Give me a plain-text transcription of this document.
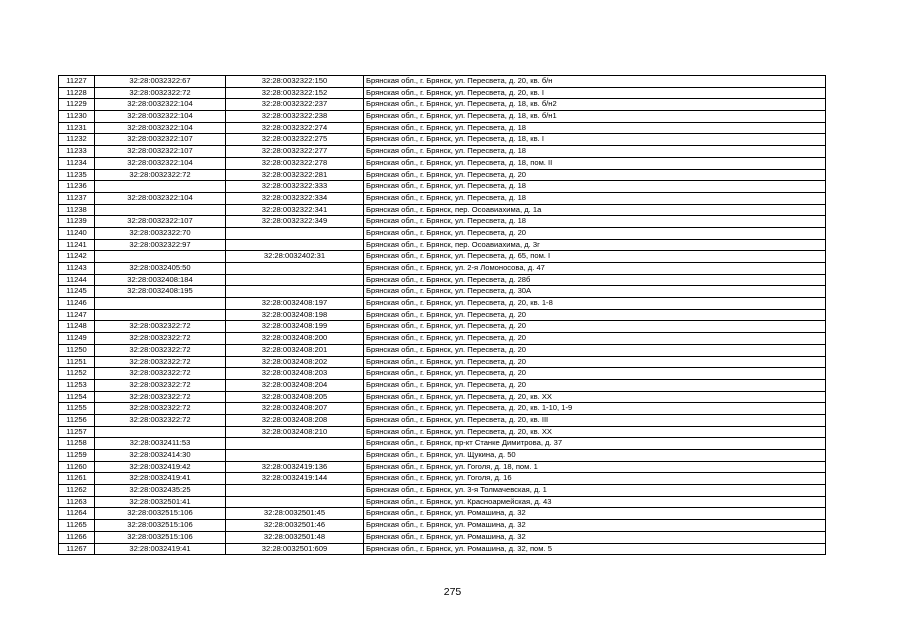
11227	32:28:0032322:67	32:28:0032322:150	Брянская обл., г. Брянск, ул. Пересвета, д. 20, кв. б/н
11228	32:28:0032322:72	32:28:0032322:152	Брянская обл., г. Брянск, ул. Пересвета, д. 20, кв. I
11229	32:28:0032322:104	32:28:0032322:237	Брянская обл., г. Брянск, ул. Пересвета, д. 18, кв. б/н2
11230	32:28:0032322:104	32:28:0032322:238	Брянская обл., г. Брянск, ул. Пересвета, д. 18, кв. б/н1
11231	32:28:0032322:104	32:28:0032322:274	Брянская обл., г. Брянск, ул. Пересвета, д. 18
11232	32:28:0032322:107	32:28:0032322:275	Брянская обл., г. Брянск, ул. Пересвета, д. 18, кв. I
11233	32:28:0032322:107	32:28:0032322:277	Брянская обл., г. Брянск, ул. Пересвета, д. 18
11234	32:28:0032322:104	32:28:0032322:278	Брянская обл., г. Брянск, ул. Пересвета, д. 18, пом. II
11235	32:28:0032322:72	32:28:0032322:281	Брянская обл., г. Брянск, ул. Пересвета, д. 20
11236		32:28:0032322:333	Брянская обл., г. Брянск, ул. Пересвета, д. 18
11237	32:28:0032322:104	32:28:0032322:334	Брянская обл., г. Брянск, ул. Пересвета, д. 18
11238		32:28:0032322:341	Брянская обл., г. Брянск, пер. Осоавиахима, д. 1а
11239	32:28:0032322:107	32:28:0032322:349	Брянская обл., г. Брянск, ул. Пересвета, д. 18
11240	32:28:0032322:70		Брянская обл., г. Брянск, ул. Пересвета, д. 20
11241	32:28:0032322:97		Брянская обл., г. Брянск, пер. Осоавиахима, д. 3г
11242		32:28:0032402:31	Брянская обл., г. Брянск, ул. Пересвета, д. 65, пом. I
11243	32:28:0032405:50		Брянская обл., г. Брянск, ул. 2-я Ломоносова, д. 47
11244	32:28:0032408:184		Брянская обл., г. Брянск, ул. Пересвета, д. 28б
11245	32:28:0032408:195		Брянская обл., г. Брянск, ул. Пересвета, д. 30А
11246		32:28:0032408:197	Брянская обл., г. Брянск, ул. Пересвета, д. 20, кв. 1-8
11247		32:28:0032408:198	Брянская обл., г. Брянск, ул. Пересвета, д. 20
11248	32:28:0032322:72	32:28:0032408:199	Брянская обл., г. Брянск, ул. Пересвета, д. 20
11249	32:28:0032322:72	32:28:0032408:200	Брянская обл., г. Брянск, ул. Пересвета, д. 20
11250	32:28:0032322:72	32:28:0032408:201	Брянская обл., г. Брянск, ул. Пересвета, д. 20
11251	32:28:0032322:72	32:28:0032408:202	Брянская обл., г. Брянск, ул. Пересвета, д. 20
11252	32:28:0032322:72	32:28:0032408:203	Брянская обл., г. Брянск, ул. Пересвета, д. 20
11253	32:28:0032322:72	32:28:0032408:204	Брянская обл., г. Брянск, ул. Пересвета, д. 20
11254	32:28:0032322:72	32:28:0032408:205	Брянская обл., г. Брянск, ул. Пересвета, д. 20, кв. ХХ
11255	32:28:0032322:72	32:28:0032408:207	Брянская обл., г. Брянск, ул. Пересвета, д. 20, кв. 1-10, 1-9
11256	32:28:0032322:72	32:28:0032408:208	Брянская обл., г. Брянск, ул. Пересвета, д. 20, кв. III
11257		32:28:0032408:210	Брянская обл., г. Брянск, ул. Пересвета, д. 20, кв. ХХ
11258	32:28:0032411:53		Брянская обл., г. Брянск, пр-кт Станке Димитрова, д. 37
11259	32:28:0032414:30		Брянская обл., г. Брянск, ул. Щукина, д. 50
11260	32:28:0032419:42	32:28:0032419:136	Брянская обл., г. Брянск, ул. Гоголя, д. 18, пом. 1
11261	32:28:0032419:41	32:28:0032419:144	Брянская обл., г. Брянск, ул. Гоголя, д. 16
11262	32:28:0032435:25		Брянская обл., г. Брянск, ул. 3-я Толмачевская, д. 1
11263	32:28:0032501:41		Брянская обл., г. Брянск, ул. Красноармейская, д. 43
11264	32:28:0032515:106	32:28:0032501:45	Брянская обл., г. Брянск, ул. Ромашина, д. 32
11265	32:28:0032515:106	32:28:0032501:46	Брянская обл., г. Брянск, ул. Ромашина, д. 32
11266	32:28:0032515:106	32:28:0032501:48	Брянская обл., г. Брянск, ул. Ромашина, д. 32
11267	32:28:0032419:41	32:28:0032501:609	Брянская обл., г. Брянск, ул. Ромашина, д. 32, пом. 5
275
